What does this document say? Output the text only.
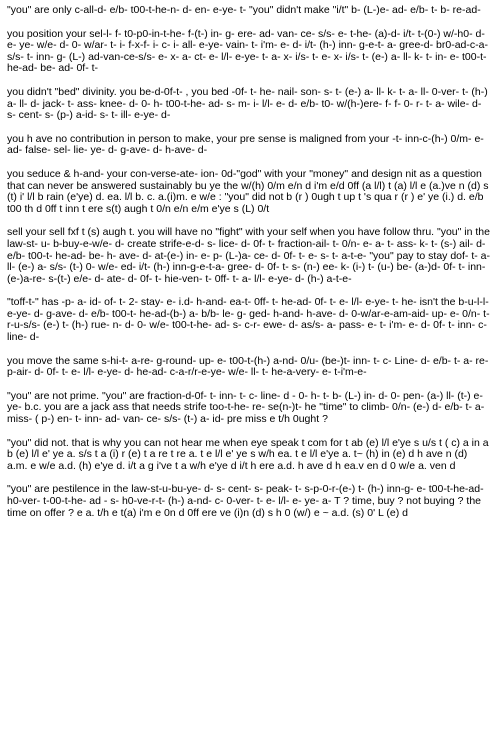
"you" are only c-all-d- e/b- t00-t-he-n- d- en- e-ye- t- "you" didn't make "i/t" b- (L-)e- ad- e/b- t- b- re-ad-

you position your sel-l- f- t0-p0-in-t-he- f-(t-) in- g- ere- ad- van- ce- s/s- e- t-he- (a)-d- i/t- t-(0-) w/-h0- d- e- ye- w/e- d- 0- w/ar- t- i- f-x-f- i- c- i- all- e-ye- vain- t- i'm- e- d- i/t- (h-) inn- g-e-t- a- gree-d- br0-ad-c-a-s/s- t- inn- g- (L-) ad-van-ce-s/s- e- x- a- ct- e- l/l- e-ye- t- a- x- i/s- t- e- x- i/s- t- (e-) a- ll- k- t- in- e- t00-t-he-ad- be- ad- 0f- t-

you didn't "bed" divinity. you be-d-0f-t- , you bed -0f- t- he- nail- son- s- t- (e-) a- ll- k- t- a- ll- 0-ver- t- (h-) a- ll- d- jack- t- ass- knee- d- 0- h- t00-t-he- ad- s- m- i- l/l- e- d- e/b- t0- w/(h-)ere- f- f- 0- r- t- a- wile- d- s- cent- s- (p-) a-id- s- t- ill- e-ye- d-

you h ave no contribution in person to make, your pre sense is maligned from your -t- inn-c-(h-) 0/m- e- ad- false- sel- lie- ye- d- g-ave- d- h-ave- d-

you seduce & h-and- your con-verse-ate- ion- 0d-"god" with your "money" and design nit as a question that can never be answered sustainably bu ye the w/(h) 0/m e/n d i'm e/d 0ff (a l/l) t (a) l/l e (a.)ve n (d) s (t) i' l/l b rain (e'ye) d. ea. l/l b. c. a.(i)m. e w/e : "you" did not b (r ) 0ugh t up t 's qua r (r ) e' ye (i.) d. e/b t00 th d 0ff t inn t ere s(t) augh t 0/n e/n e/m e'ye s (L) 0/t

sell your sell fxf t (s) augh t. you will have no "fight" with your self when you have follow thru. "you" in the law-st- u- b-buy-e-w/e- d- create strife-e-d- s- lice- d- 0f- t- fraction-ail- t- 0/n- e- a- t- ass- k- t- (s-) ail- d- e/b- t00-t- he-ad- be- h- ave- d- at-(e-) in- e- p- (L-)a- ce- d- 0f- t- e- s- t- a-t-e- "you" pay to stay dof- t- a- ll- (e-) a- s/s- (t-) 0- w/e- ed- i/t- (h-) inn-g-e-t-a- gree- d- 0f- t- s- (n-) ee- k- (i-) t- (u-) be- (a-)d- 0f- t- inn- (e-)a-re- s-(t-) e/e- d- ate- d- 0f- t- hie-ven- t- 0ff- t- a- l/l- e-ye- d- (h-) a-t-e-

"toff-t-" has -p- a- id- of- t- 2- stay- e- i.d- h-and- ea-t- 0ff- t- he-ad- 0f- t- e- l/l- e-ye- t- he- isn't the b-u-l-l-e-ye- d- g-ave- d- e/b- t00-t- he-ad-(b-) a- b/b- le- g- ged- h-and- h-ave- d- 0-w/ar-e-am-aid- up- e- 0/n- t- r-u-s/s- (e-) t- (h-) rue- n- d- 0- w/e- t00-t-he- ad- s- c-r- ewe- d- as/s- a- pass- e- t- i'm- e- d- 0f- t- inn- c- line- d-

you move the same s-hi-t- a-re- g-round- up- e- t00-t-(h-) a-nd- 0/u- (be-)t- inn- t- c- Line- d- e/b- t- a- re- p-air- d- 0f- t- e- l/l- e-ye- d- he-ad- c-a-r/r-e-ye- w/e- ll- t- he-a-very- e- t-i'm-e-

"you" are not prime. "you" are fraction-d-0f- t- inn- t- c- line- d - 0- h- t- b- (L-) in- d- 0- pen- (a-) ll- (t-) e- ye- b.c. you are a jack ass that needs strife too-t-he- re- se(n-)t- he "time" to climb- 0/n- (e-) d- e/b- t- a- miss- ( p-) en- t- inn- ad- van- ce- s/s- (t-) a- id- pre miss e t/h 0ught ?

"you" did not. that is why you can not hear me when eye speak t com for t ab (e) l/l e'ye s u/s t ( c) a in a b (e) l/l e' ye a. s/s t a (i) r (e) t a re t re a. t e l/l e' ye s w/h ea. t e l/l e'ye a. t~ (h) in (e) d h ave n (d) a.m. e w/e a.d. (h) e'ye d. i/t a g i've t a w/h e'ye d i/t h ere a.d. h ave d h ea.v en d 0 w/e a. ven d

"you" are pestilence in the law-st-u-bu-ye- d- s- cent- s- peak- t- s-p-0-r-(e-) t- (h-) inn-g- e- t00-t-he-ad- h0-ver- t-00-t-he- ad - s- h0-ve-r-t- (h-) a-nd- c- 0-ver- t- e- l/l- e- ye- a- T ? time, buy ? not buying ? the time on offer ? e a. t/h e t(a) i'm e 0n d 0ff ere ve (i)n (d) s h 0 (w/) e ~ a.d. (s) 0' L (e) d
